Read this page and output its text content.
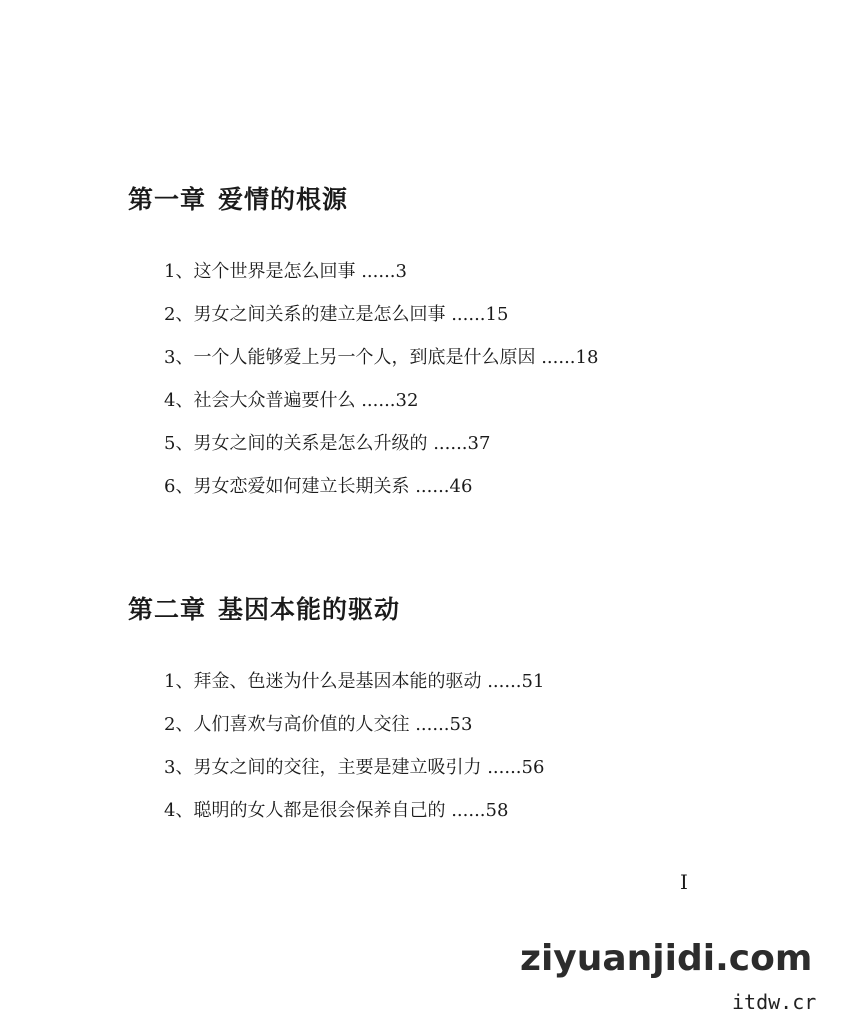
第一章 爱情的根源
1、这个世界是怎么回事 ......3
2、男女之间关系的建立是怎么回事 ......15
3、一个人能够爱上另一个人，到底是什么原因 ......18
4、社会大众普遍要什么 ......32
5、男女之间的关系是怎么升级的 ......37
6、男女恋爱如何建立长期关系 ......46
第二章 基因本能的驱动
1、拜金、色迷为什么是基因本能的驱动 ......51
2、人们喜欢与高价值的人交往 ......53
3、男女之间的交往，主要是建立吸引力 ......56
4、聪明的女人都是很会保养自己的 ......58
I
ziyuanjidi.com
itdw.cr
